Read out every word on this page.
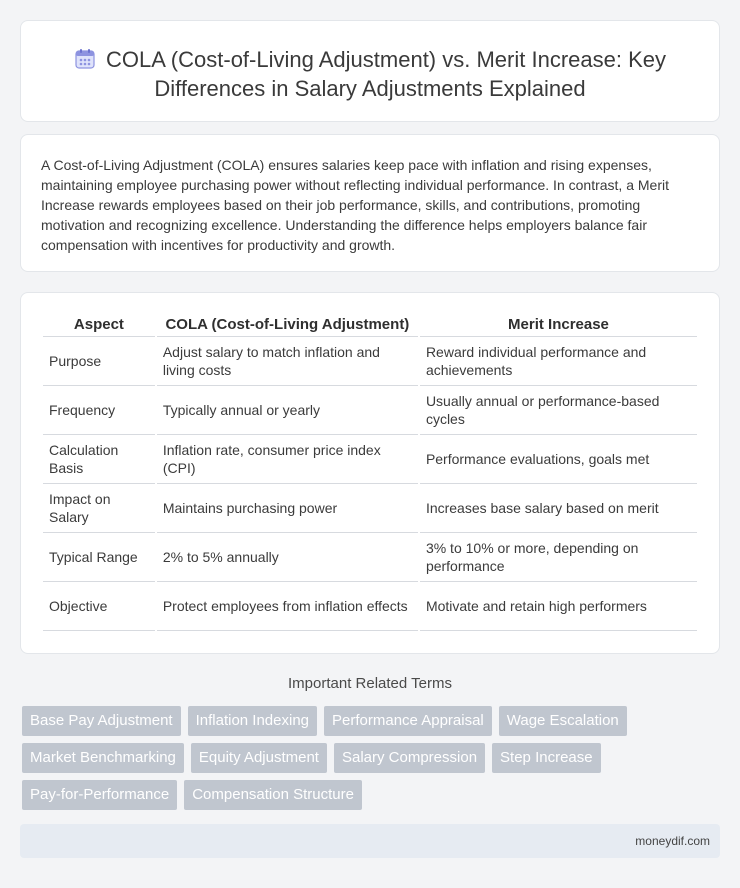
COLA (Cost-of-Living Adjustment) vs. Merit Increase: Key Differences in Salary Adjustments Explained

A Cost-of-Living Adjustment (COLA) ensures salaries keep pace with inflation and rising expenses, maintaining employee purchasing power without reflecting individual performance. In contrast, a Merit Increase rewards employees based on their job performance, skills, and contributions, promoting motivation and recognizing excellence. Understanding the difference helps employers balance fair compensation with incentives for productivity and growth.

Aspect	COLA (Cost-of-Living Adjustment)	Merit Increase
Purpose	Adjust salary to match inflation and living costs	Reward individual performance and achievements
Frequency	Typically annual or yearly	Usually annual or performance-based cycles
Calculation Basis	Inflation rate, consumer price index (CPI)	Performance evaluations, goals met
Impact on Salary	Maintains purchasing power	Increases base salary based on merit
Typical Range	2% to 5% annually	3% to 10% or more, depending on performance
Objective	Protect employees from inflation effects	Motivate and retain high performers
Important Related Terms
Base Pay Adjustment	Inflation Indexing	Performance Appraisal	Wage Escalation
Market Benchmarking	Equity Adjustment	Salary Compression	Step Increase
Pay-for-Performance	Compensation Structure
moneydif.com
